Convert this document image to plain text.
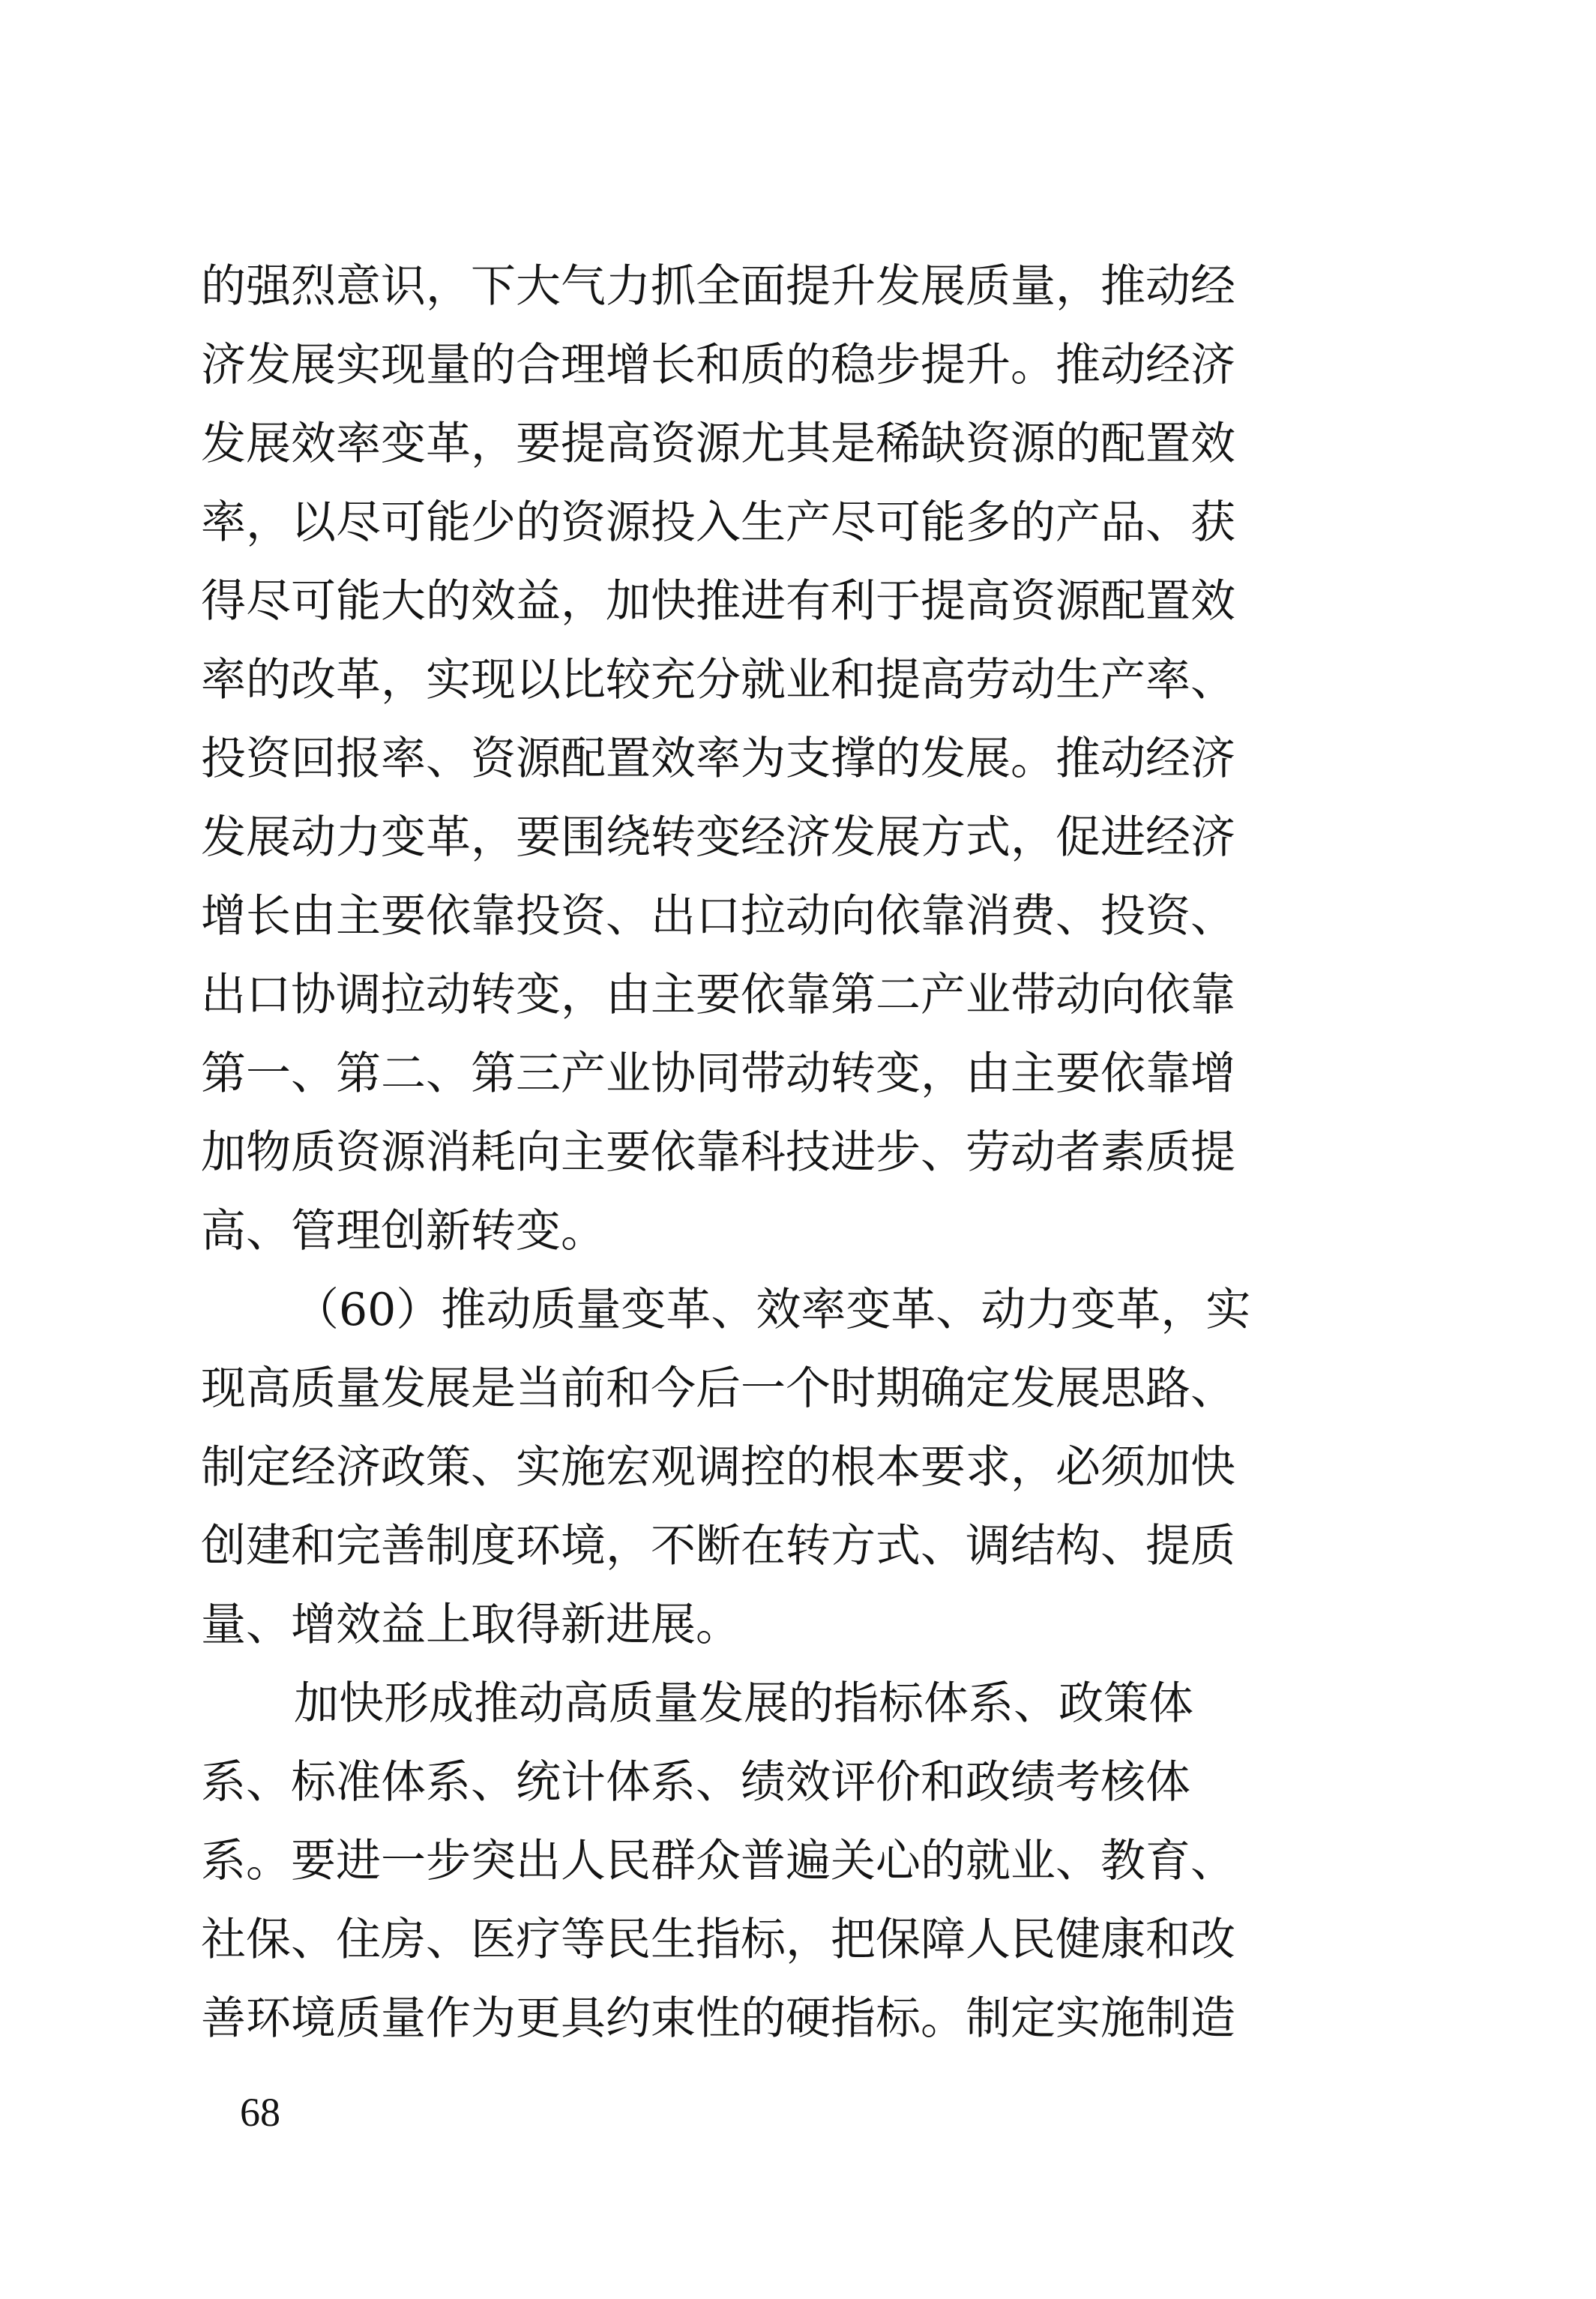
的强烈意识，下大气力抓全面提升发展质量，推动经
济发展实现量的合理增长和质的稳步提升。推动经济
发展效率变革，要提高资源尤其是稀缺资源的配置效
率，以尽可能少的资源投入生产尽可能多的产品、获
得尽可能大的效益，加快推进有利于提高资源配置效
率的改革，实现以比较充分就业和提高劳动生产率、
投资回报率、资源配置效率为支撑的发展。推动经济
发展动力变革，要围绕转变经济发展方式，促进经济
增长由主要依靠投资、出口拉动向依靠消费、投资、
出口协调拉动转变，由主要依靠第二产业带动向依靠
第一、第二、第三产业协同带动转变，由主要依靠增
加物质资源消耗向主要依靠科技进步、劳动者素质提
高、管理创新转变。
（60）推动质量变革、效率变革、动力变革，实
现高质量发展是当前和今后一个时期确定发展思路、
制定经济政策、实施宏观调控的根本要求，必须加快
创建和完善制度环境，不断在转方式、调结构、提质
量、增效益上取得新进展。
加快形成推动高质量发展的指标体系、政策体
系、标准体系、统计体系、绩效评价和政绩考核体
系。要进一步突出人民群众普遍关心的就业、教育、
社保、住房、医疗等民生指标，把保障人民健康和改
善环境质量作为更具约束性的硬指标。制定实施制造
68
